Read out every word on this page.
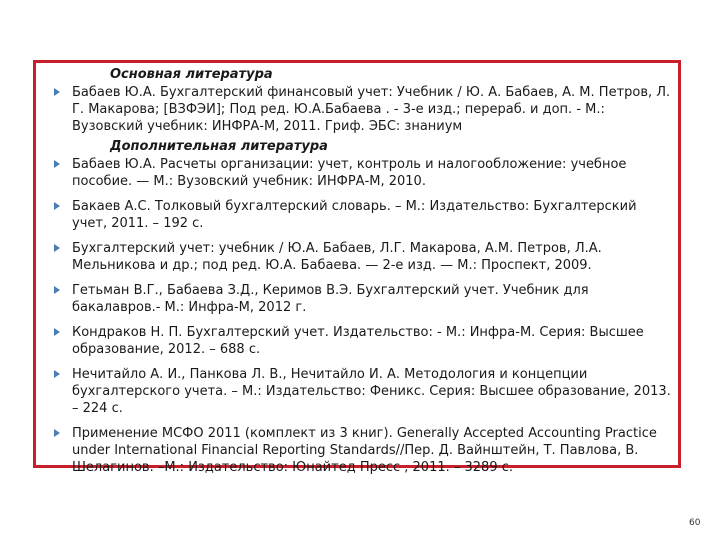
Основная литература
Бабаев Ю.А. Бухгалтерский финансовый учет: Учебник / Ю. А. Бабаев, А. М. Петров, Л. Г. Макарова; [ВЗФЭИ]; Под ред. Ю.А.Бабаева . - 3-е изд.; перераб. и доп. - М.: Вузовский учебник: ИНФРА-М, 2011. Гриф. ЭБС: знаниум
Дополнительная литература
Бабаев Ю.А. Расчеты организации: учет, контроль и налогообложение: учебное пособие. — М.: Вузовский учебник: ИНФРА-М, 2010.
Бакаев А.С. Толковый бухгалтерский словарь. – М.: Издательство: Бухгалтерский учет, 2011. – 192 с.
Бухгалтерский учет: учебник / Ю.А. Бабаев, Л.Г. Макарова, А.М. Петров, Л.А. Мельникова и др.; под ред. Ю.А. Бабаева. — 2-е изд. — М.: Проспект, 2009.
Гетьман В.Г., Бабаева З.Д., Керимов В.Э. Бухгалтерский учет. Учебник для бакалавров.- М.: Инфра-М, 2012 г.
Кондраков Н. П. Бухгалтерский учет. Издательство: - М.: Инфра-М. Серия: Высшее образование, 2012. – 688 с.
Нечитайло А. И., Панкова Л. В., Нечитайло И. А. Методология и концепции бухгалтерского учета. – М.: Издательство: Феникс. Серия: Высшее образование, 2013. – 224 с.
Применение МСФО 2011 (комплект из 3 книг). Generally Accepted Accounting Practice under International Financial Reporting Standards//Пер. Д. Вайнштейн, Т. Павлова, В. Шелагинов. –М.: Издательство: Юнайтед Пресс , 2011. – 3289 с.
60
